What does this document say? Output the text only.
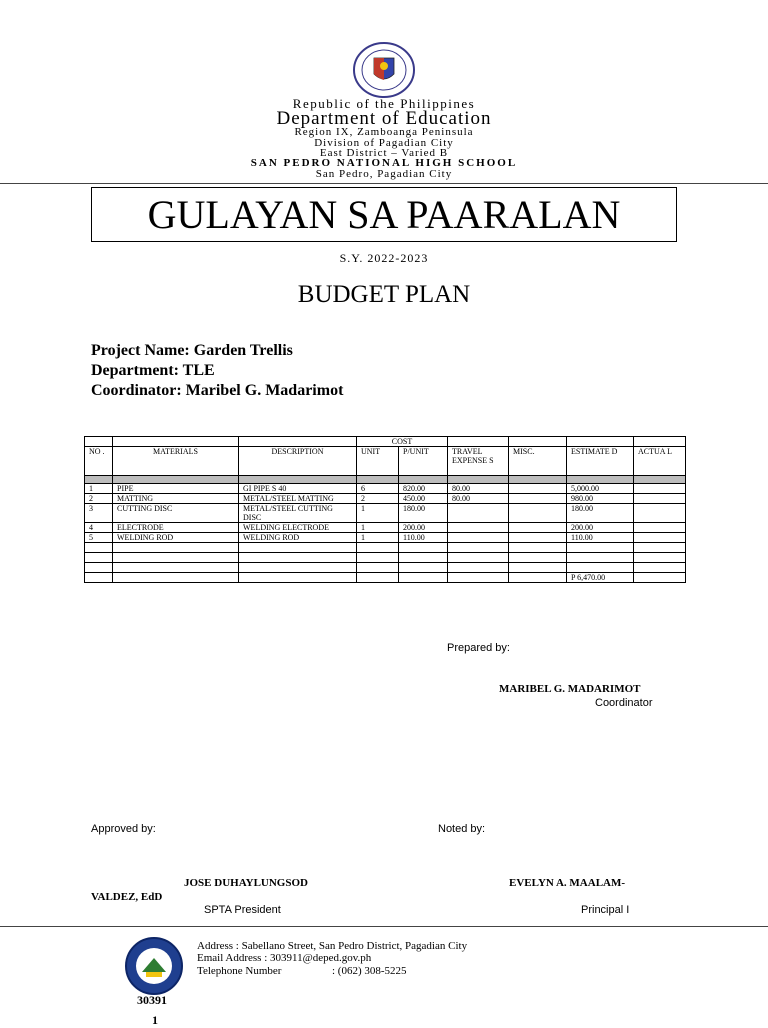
Republic of the Philippines
Department of Education
Region IX, Zamboanga Peninsula
Division of Pagadian City
East District – Varied B
SAN PEDRO NATIONAL HIGH SCHOOL
San Pedro, Pagadian City
GULAYAN SA PAARALAN
S.Y. 2022-2023
BUDGET PLAN
Project Name: Garden Trellis
Department: TLE
Coordinator: Maribel G. Madarimot
			COST					
NO .	MATERIALS	DESCRIPTION	UNIT	P/UNIT	TRAVEL EXPENSE S	MISC.	ESTIMATE D	ACTUA L

1	PIPE	GI PIPE S 40	6	820.00	80.00		5,000.00	
2	MATTING	METAL/STEEL MATTING	2	450.00	80.00		980.00	
3	CUTTING DISC	METAL/STEEL CUTTING DISC	1	180.00			180.00	
4	ELECTRODE	WELDING ELECTRODE	1	200.00			200.00	
5	WELDING ROD	WELDING ROD	1	110.00			110.00	

							P 6,470.00	
Prepared by:
MARIBEL G. MADARIMOT
Coordinator
Approved by:	Noted by:
JOSE DUHAYLUNGSOD	EVELYN A. MAALAM-
VALDEZ, EdD
SPTA President	Principal I
Address : Sabellano Street, San Pedro District, Pagadian City
Email Address : 303911@deped.gov.ph
Telephone Number	: (062) 308-5225
30391
1
